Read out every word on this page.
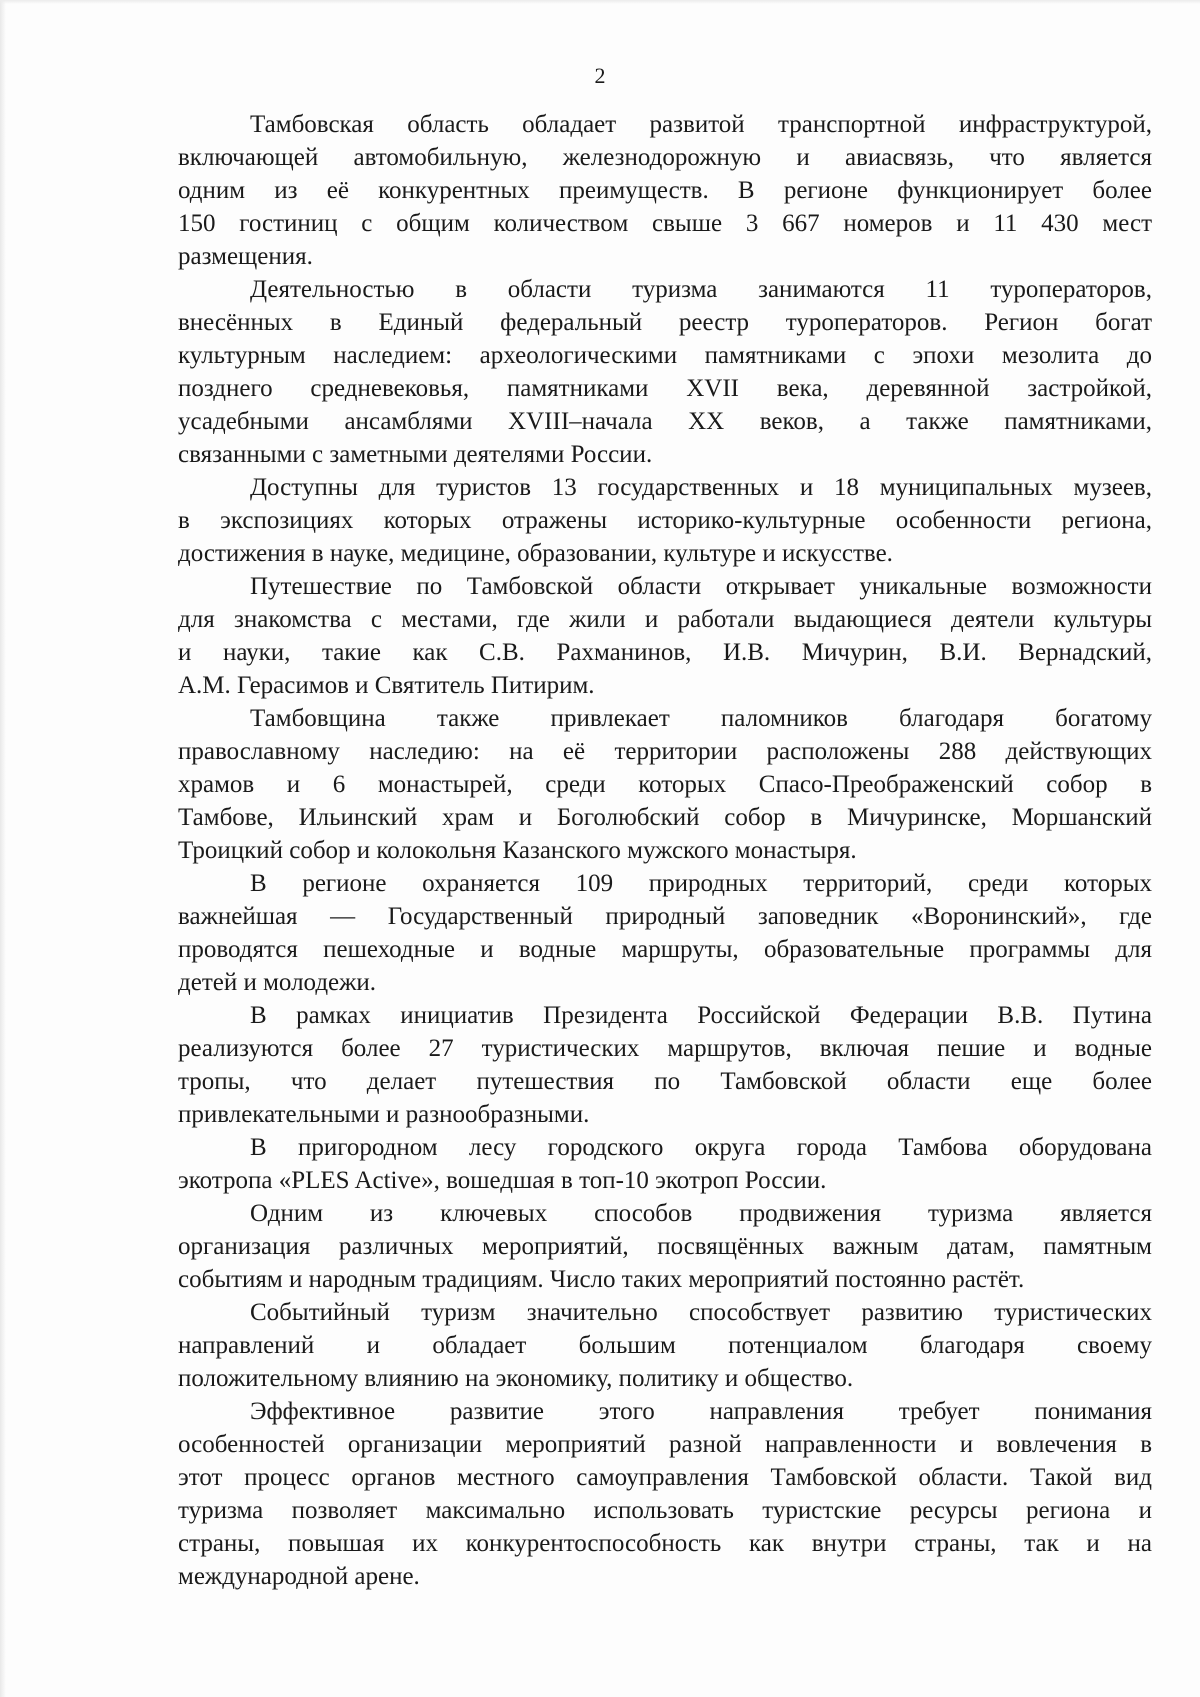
2

Тамбовская область обладает развитой транспортной инфраструктурой,
включающей автомобильную, железнодорожную и авиасвязь, что является
одним из её конкурентных преимуществ. В регионе функционирует более
150 гостиниц с общим количеством свыше 3 667 номеров и 11 430 мест
размещения.

Деятельностью в области туризма занимаются 11 туроператоров,
внесённых в Единый федеральный реестр туроператоров. Регион богат
культурным наследием: археологическими памятниками с эпохи мезолита до
позднего средневековья, памятниками XVII века, деревянной застройкой,
усадебными ансамблями XVIII–начала XX веков, а также памятниками,
связанными с заметными деятелями России.

Доступны для туристов 13 государственных и 18 муниципальных музеев,
в экспозициях которых отражены историко-культурные особенности региона,
достижения в науке, медицине, образовании, культуре и искусстве.

Путешествие по Тамбовской области открывает уникальные возможности
для знакомства с местами, где жили и работали выдающиеся деятели культуры
и науки, такие как С.В. Рахманинов, И.В. Мичурин, В.И. Вернадский,
А.М. Герасимов и Святитель Питирим.

Тамбовщина также привлекает паломников благодаря богатому
православному наследию: на её территории расположены 288 действующих
храмов и 6 монастырей, среди которых Спасо-Преображенский собор в
Тамбове, Ильинский храм и Боголюбский собор в Мичуринске, Моршанский
Троицкий собор и колокольня Казанского мужского монастыря.

В регионе охраняется 109 природных территорий, среди которых
важнейшая — Государственный природный заповедник «Воронинский», где
проводятся пешеходные и водные маршруты, образовательные программы для
детей и молодежи.

В рамках инициатив Президента Российской Федерации В.В. Путина
реализуются более 27 туристических маршрутов, включая пешие и водные
тропы, что делает путешествия по Тамбовской области еще более
привлекательными и разнообразными.

В пригородном лесу городского округа города Тамбова оборудована
экотропа «PLES Active», вошедшая в топ-10 экотроп России.

Одним из ключевых способов продвижения туризма является
организация различных мероприятий, посвящённых важным датам, памятным
событиям и народным традициям. Число таких мероприятий постоянно растёт.

Событийный туризм значительно способствует развитию туристических
направлений и обладает большим потенциалом благодаря своему
положительному влиянию на экономику, политику и общество.

Эффективное развитие этого направления требует понимания
особенностей организации мероприятий разной направленности и вовлечения в
этот процесс органов местного самоуправления Тамбовской области. Такой вид
туризма позволяет максимально использовать туристские ресурсы региона и
страны, повышая их конкурентоспособность как внутри страны, так и на
международной арене.
